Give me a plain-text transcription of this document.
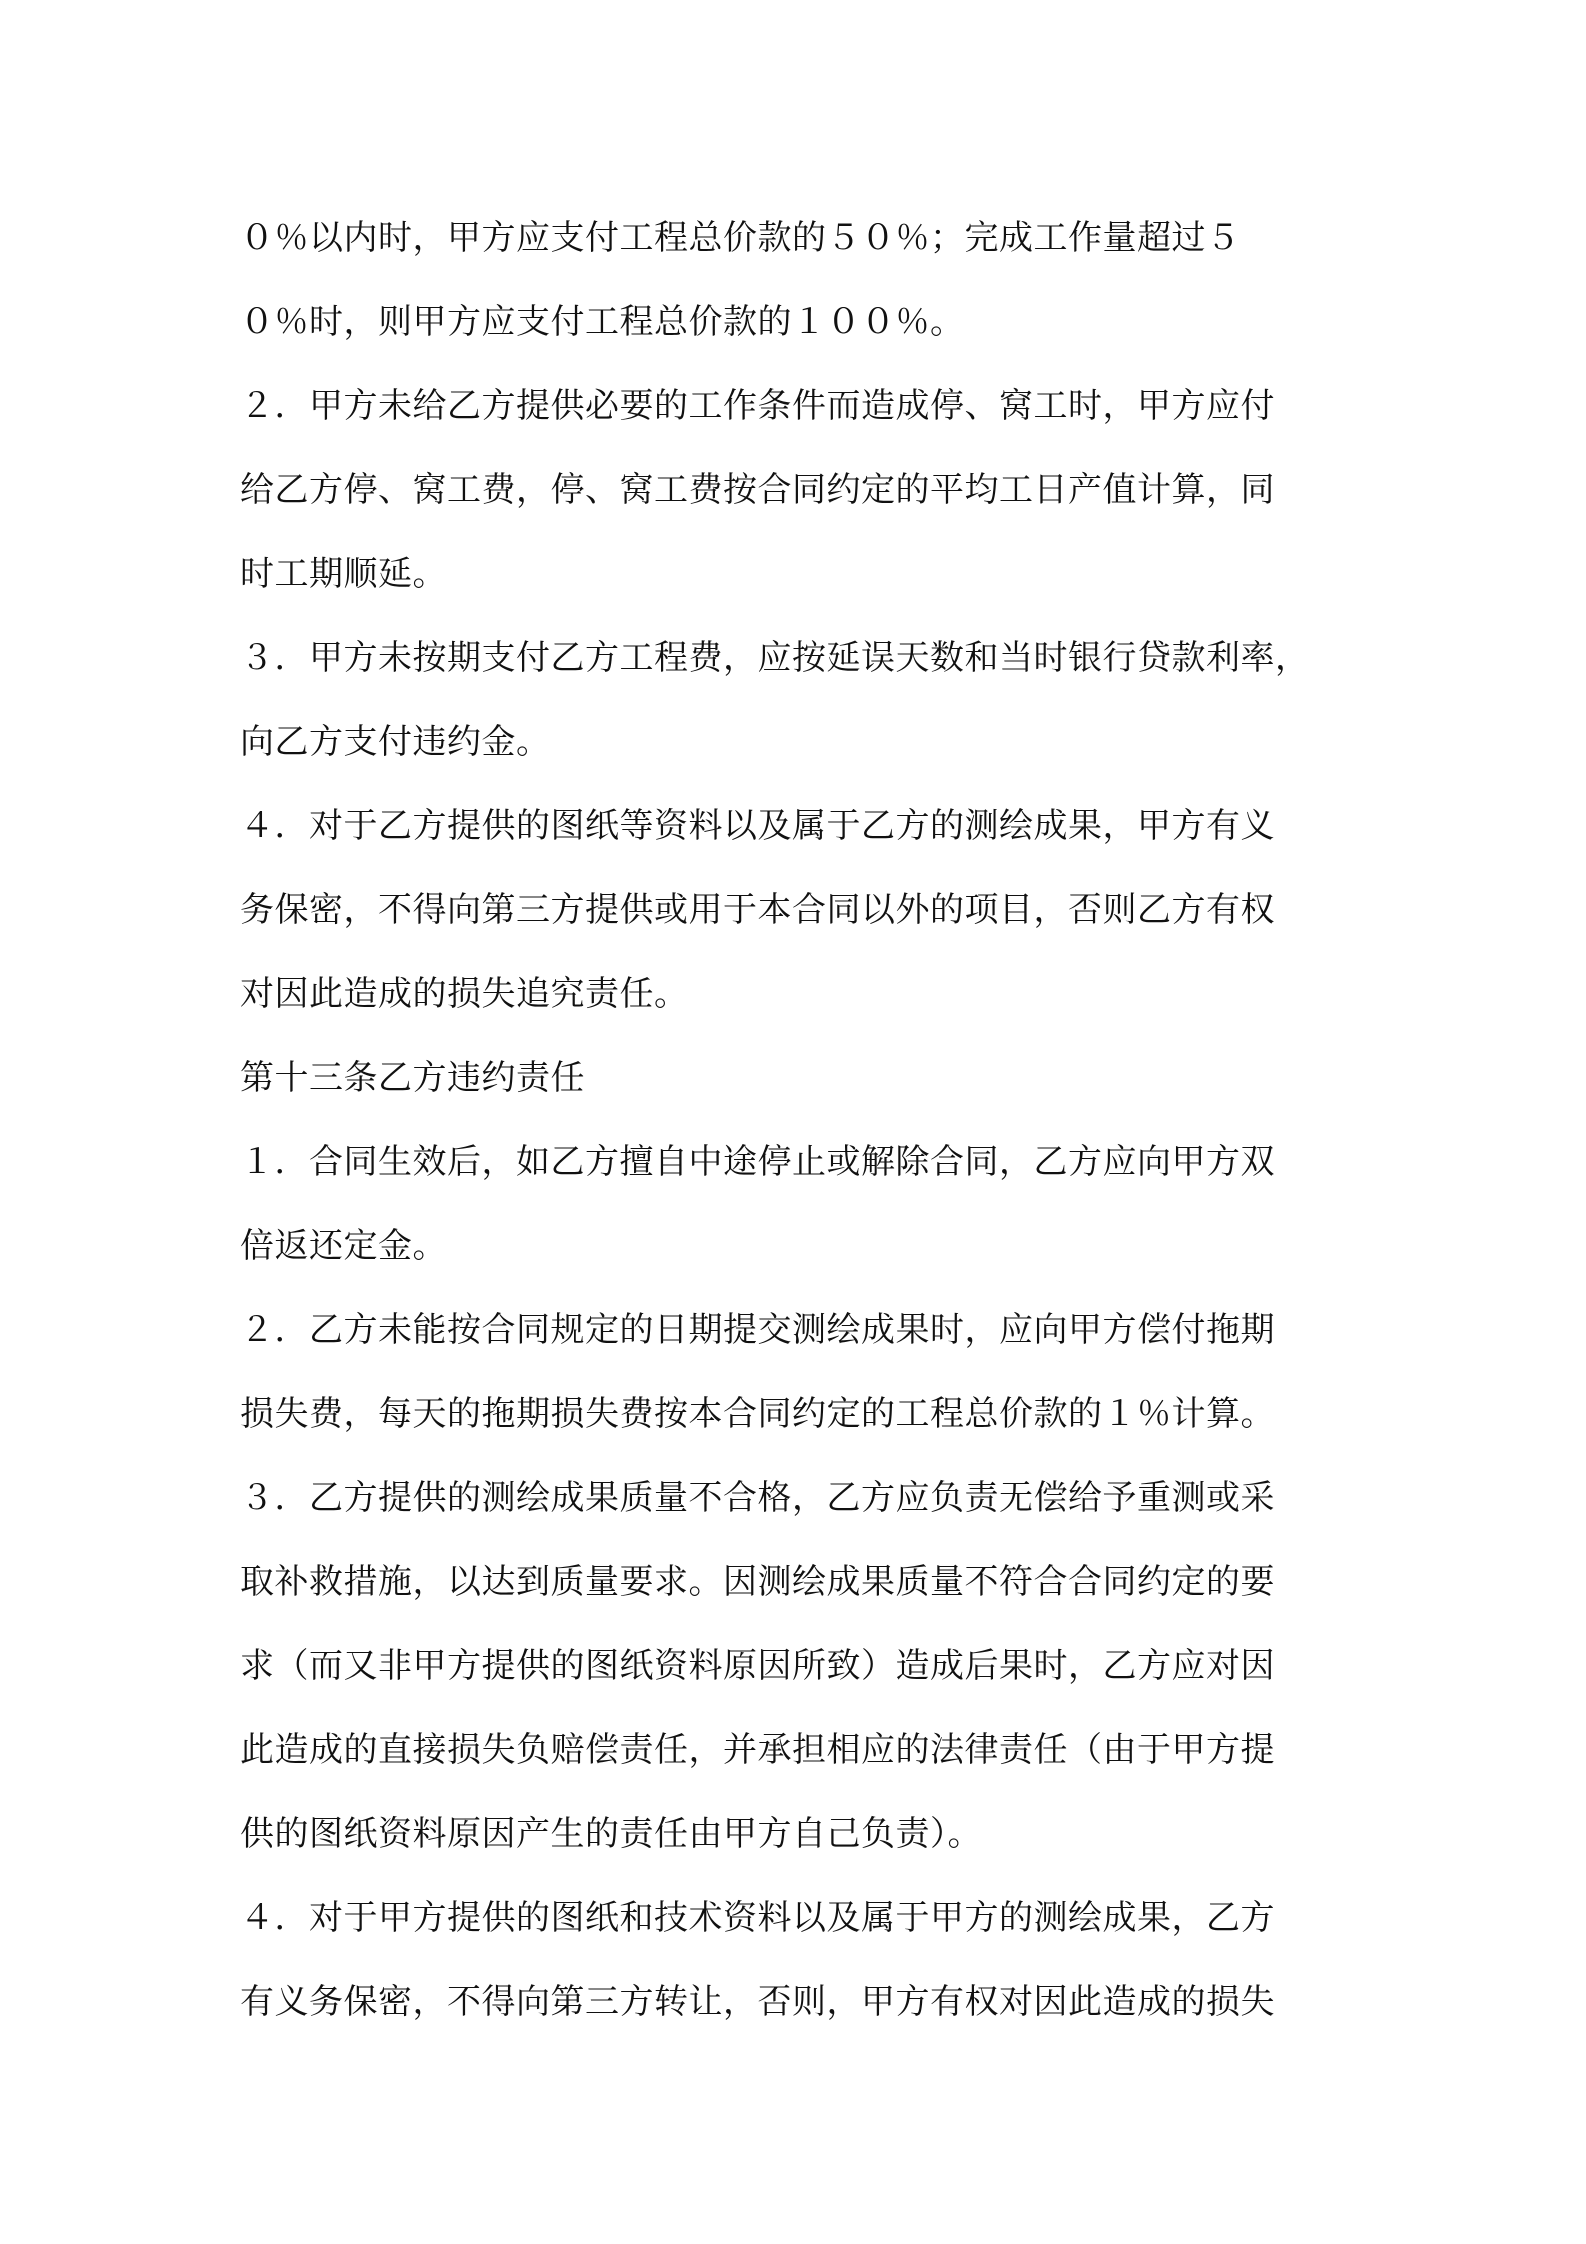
０％以内时，甲方应支付工程总价款的５０％；完成工作量超过５
０％时，则甲方应支付工程总价款的１００％。
２．甲方未给乙方提供必要的工作条件而造成停、窝工时，甲方应付
给乙方停、窝工费，停、窝工费按合同约定的平均工日产值计算，同
时工期顺延。
３．甲方未按期支付乙方工程费，应按延误天数和当时银行贷款利率，
向乙方支付违约金。
４．对于乙方提供的图纸等资料以及属于乙方的测绘成果，甲方有义
务保密，不得向第三方提供或用于本合同以外的项目，否则乙方有权
对因此造成的损失追究责任。
第十三条乙方违约责任
１．合同生效后，如乙方擅自中途停止或解除合同，乙方应向甲方双
倍返还定金。
２．乙方未能按合同规定的日期提交测绘成果时，应向甲方偿付拖期
损失费，每天的拖期损失费按本合同约定的工程总价款的１％计算。
３．乙方提供的测绘成果质量不合格，乙方应负责无偿给予重测或采
取补救措施，以达到质量要求。因测绘成果质量不符合合同约定的要
求（而又非甲方提供的图纸资料原因所致）造成后果时，乙方应对因
此造成的直接损失负赔偿责任，并承担相应的法律责任（由于甲方提
供的图纸资料原因产生的责任由甲方自己负责）。
４．对于甲方提供的图纸和技术资料以及属于甲方的测绘成果，乙方
有义务保密，不得向第三方转让，否则，甲方有权对因此造成的损失
